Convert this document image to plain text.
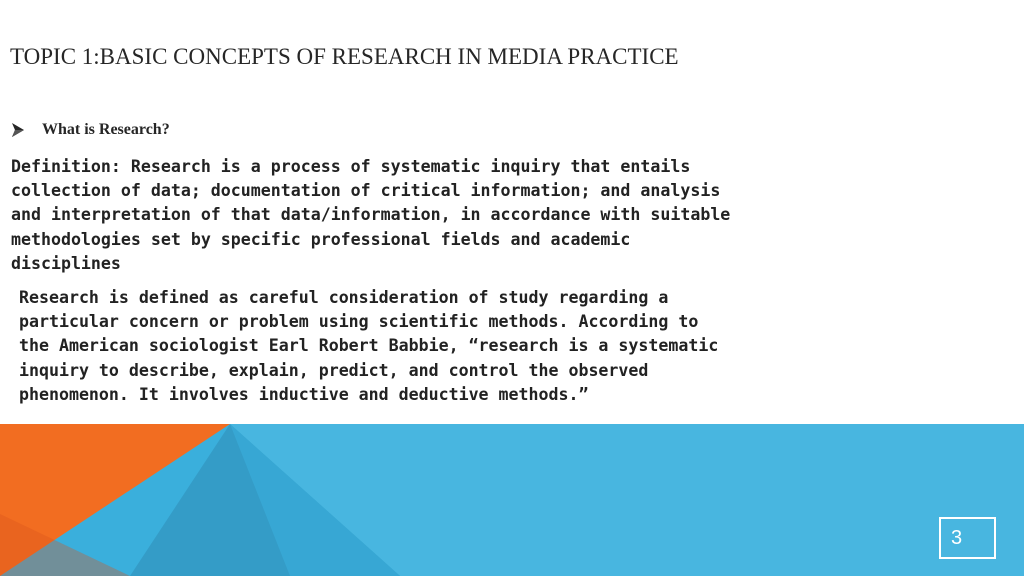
TOPIC 1:BASIC CONCEPTS OF RESEARCH IN MEDIA PRACTICE
What is Research?
Definition: Research is a process of systematic inquiry that entails
collection of data; documentation of critical information; and analysis
and interpretation of that data/information, in accordance with suitable
methodologies set by specific professional fields and academic
disciplines
Research is defined as careful consideration of study regarding a
particular concern or problem using scientific methods. According to
the American sociologist Earl Robert Babbie, “research is a systematic
inquiry to describe, explain, predict, and control the observed
phenomenon. It involves inductive and deductive methods.”
3
